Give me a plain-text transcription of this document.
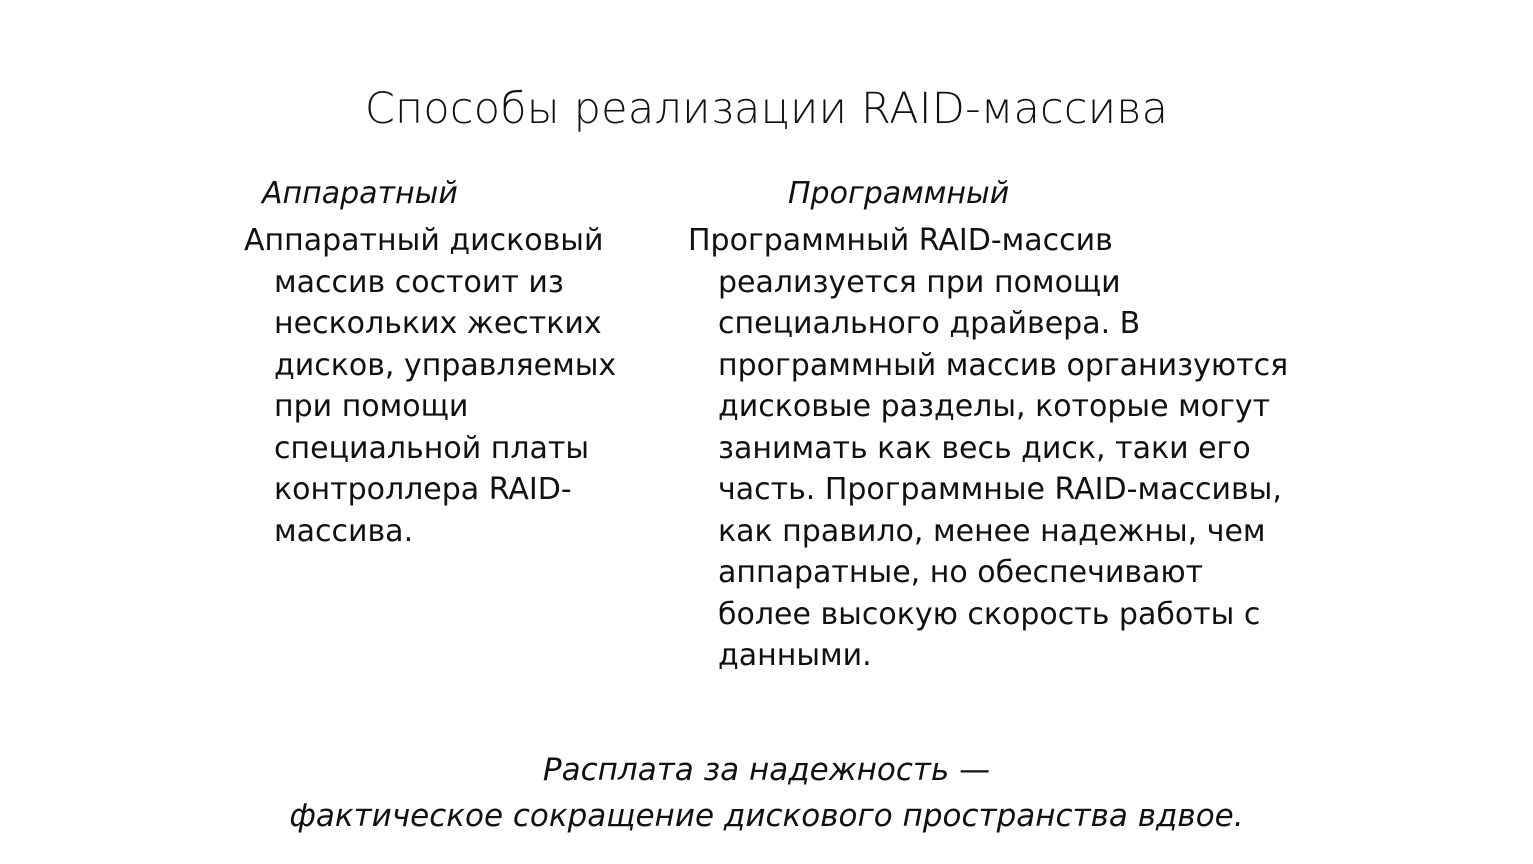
Способы реализации RAID-массива
Аппаратный	Программный
Аппаратный дисковый
массив состоит из
нескольких жестких
дисков, управляемых
при помощи
специальной платы
контроллера RAID-
массива.
Программный RAID-массив
реализуется при помощи
специального драйвера. В
программный массив организуются
дисковые разделы, которые могут
занимать как весь диск, таки его
часть. Программные RAID-массивы,
как правило, менее надежны, чем
аппаратные, но обеспечивают
более высокую скорость работы с
данными.
Расплата за надежность —
фактическое сокращение дискового пространства вдвое.
